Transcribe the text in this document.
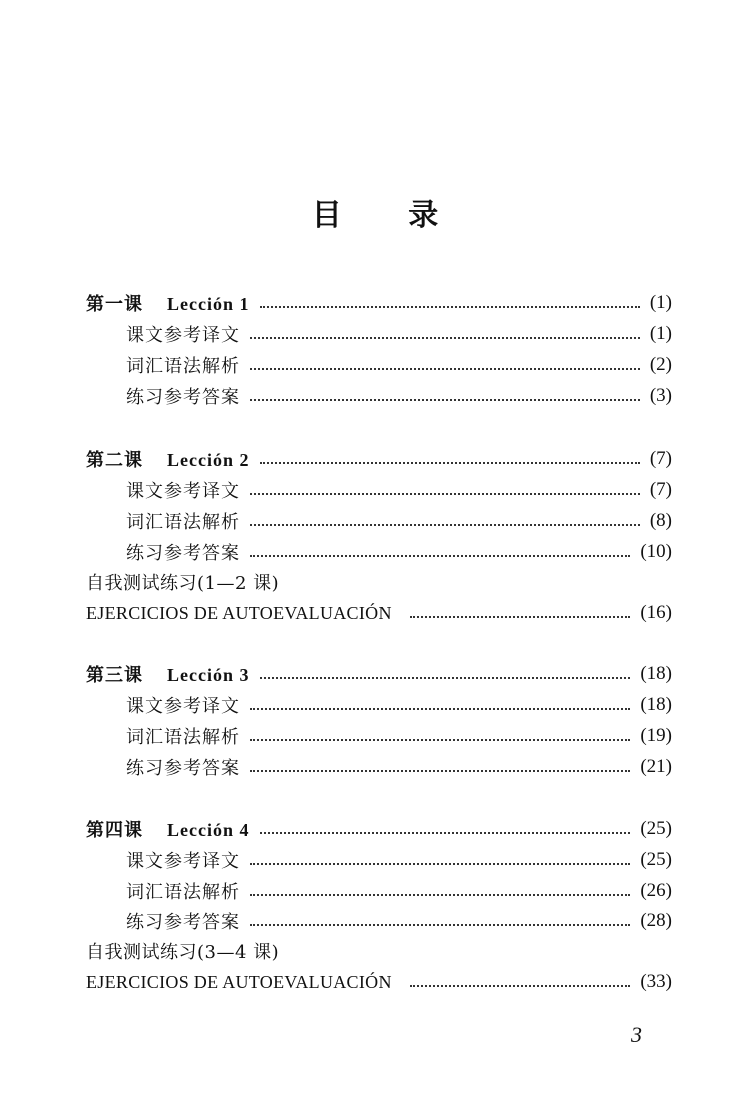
目 录
第一课 Lección 1	(1)
课文参考译文	(1)
词汇语法解析	(2)
练习参考答案	(3)
第二课 Lección 2	(7)
课文参考译文	(7)
词汇语法解析	(8)
练习参考答案	(10)
自我测试练习(1—2 课)
EJERCICIOS DE AUTOEVALUACIÓN	(16)
第三课 Lección 3	(18)
课文参考译文	(18)
词汇语法解析	(19)
练习参考答案	(21)
第四课 Lección 4	(25)
课文参考译文	(25)
词汇语法解析	(26)
练习参考答案	(28)
自我测试练习(3—4 课)
EJERCICIOS DE AUTOEVALUACIÓN	(33)
3
